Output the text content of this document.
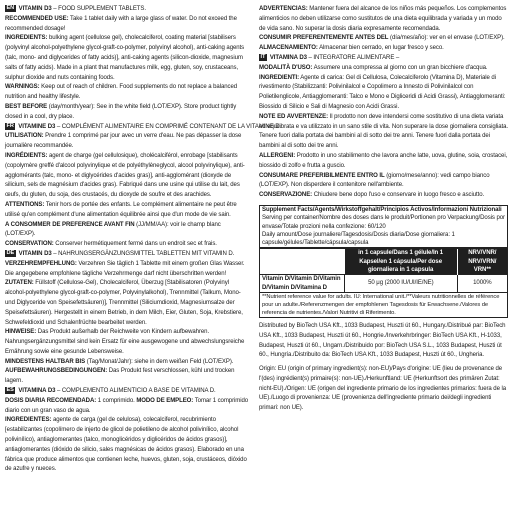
EN VITAMIN D3 – FOOD SUPPLEMENT TABLETS.

RECOMMENDED USE: Take 1 tablet daily with a large glass of water. Do not exceed the recommended dosage!

INGREDIENTS: bulking agent (cellulose gel), cholecalciferol, coating material [stabilisers (polyvinyl alcohol-polyethylene glycol-graft-co-polymer, polyvinyl alcohol), anti-caking agents (talc, mono- and diglycerides of fatty acids)], anti-caking agents (silicon-dioxide, magnesium salts of fatty acids). Made in a plant that manufactures milk, egg, gluten, soy, crustaceans, sulphur dioxide and nuts containing foods.

WARNINGS: Keep out of reach of children. Food supplements do not replace a balanced nutrition and healthy lifestyle.

BEST BEFORE (day/month/year): See in the white field (LOT/EXP). Store product tightly closed in a cool, dry place.

FR VITAMINE D3 – COMPLÉMENT ALIMENTAIRE EN COMPRIMÉ CONTENANT DE LA VITAMINE D.

UTILISATION: Prendre 1 comprimé par jour avec un verre d'eau. Ne pas dépasser la dose journalière recommandée.

INGRÉDIENTS: agent de charge (gel cellulosique), cholécalciférol, enrobage [stabilisants (copolymère greffé d'alcool polyvinylique et de polyéthylèneglycol, alcool polyvinylique), anti-agglomérants (talc, mono- et diglycérides d'acides gras)], anti-agglomérant (dioxyde de silicium, sels de magnésium d'acides gras). Fabriqué dans une usine qui utilise du lait, des œufs, du gluten, du soja, des crustacés, du dioxyde de soufre et des arachides.

ATTENTIONS: Tenir hors de portée des enfants. Le complément alimentaire ne peut être utilisé qu'en complément d'une alimentation équilibrée ainsi que d'un mode de vie sain.

A CONSOMMER DE PREFERENCE AVANT FIN (JJ/MM/AA): voir le champ blanc (LOT/EXP).

CONSERVATION: Conserver hermétiquement fermé dans un endroit sec et frais.

DE VITAMIN D3 – NAHRUNGSERGÄNZUNGSMITTEL TABLETTEN MIT VITAMIN D.

VERZEHREMPFEHLUNG: Verzehren Sie täglich 1 Tablette mit einem großen Glas Wasser. Die angegebene empfohlene tägliche Verzehrmenge darf nicht überschritten werden!

ZUTATEN: Füllstoff (Cellulose-Gel), Cholecalciferol, Überzug [Stabilisatoren (Polyvinyl alcohol-polyethylene glycol-graft-co-polymer, Polyvinylalkohol), Trennmittel (Talkum, Mono- und Diglyceride von Speisefettsäuren)], Trennmittel (Siliciumdioxid, Magnesiumsalze der Speisefettsäuren). Hergestellt in einem Betrieb, in dem Milch, Eier, Gluten, Soja, Krebstiere, Schwefeldioxid und Schalenfrüchte bearbeitet werden.

HINWEISE: Das Produkt außerhalb der Reichweite von Kindern aufbewahren. Nahrungsergänzungsmittel sind kein Ersatz für eine ausgewogene und abwechslungsreiche Ernährung sowie eine gesunde Lebensweise.

MINDESTENS HALTBAR BIS (Tag/Monat/Jahr): siehe in dem weißen Feld (LOT/EXP).

AUFBEWAHRUNGSBEDINGUNGEN: Das Produkt fest verschlossen, kühl und trocken lagern.

ES VITAMINA D3 – COMPLEMENTO ALIMENTICIO A BASE DE VITAMINA D.

DOSIS DIARIA RECOMENDADA: 1 comprimido. MODO DE EMPLEO: Tomar 1 comprimido diario con un gran vaso de agua.

INGREDIENTES: agente de carga (gel de celulosa), colecalciferol, recubrimiento [estabilizantes (copolímero de injerto de glicol de polietileno de alcohol polivinílico, alcohol polivinílico), antiaglomerantes (talco, monoglicéridos y diglicéridos de ácidos grasos)], antiaglomerantes (dióxido de silicio, sales magnésicas de ácidos grasos). Elaborado en una fábrica que produce alimentos que contienen leche, huevos, gluten, soja, crustáceos, dióxido de azufre y nueces.

ADVERTENCIAS: Mantener fuera del alcance de los niños más pequeños. Los complementos alimenticios no deben utilizarse como sustitutos de una dieta equilibrada y variada y un modo de vida sano. No superar la dosis diaria expresamente recomendada.

CONSUMIR PREFERENTEMENTE ANTES DEL (día/mes/año): ver en el envase (LOT/EXP).

ALMACENAMIENTO: Almacenar bien cerrado, en lugar fresco y seco.

IT VITAMINA D3 – INTEGRATORE ALIMENTARE –

MODALITÀ D'USO: Assumere una compressa al giorno con un gran bicchiere d'acqua.

INGREDIENTI: Agente di carica: Gel di Cellulosa, Colecalciferolo (Vitamina D), Materiale di rivestimento (Stabilizzanti: Polivinilalcol e Copolimero a Innesto di Polivinilalcol con Polietilenglicole, Antiagglomeranti: Talco e Mono e Digliceridi di Acidi Grassi), Antiagglomeranti: Biossido di Silicio e Sali di Magnesio con Acidi Grassi.

NOTE ED AVVERTENZE: Il prodotto non deve intendersi come sostitutivo di una dieta variata ed equilibrata e va utilizzato in un sano stile di vita. Non superare la dose giornaliera consigliata. Tenere fuori dalla portata dei bambini al di sotto dei tre anni. Tenere fuori dalla portata dei bambini al di sotto dei tre anni.

ALLERGENI: Prodotto in uno stabilimento che lavora anche latte, uova, glutine, soia, crostacei, biossido di zolfo e frutta a guscio.

CONSUMARE PREFERIBILMENTE ENTRO IL (giorno/mese/anno): vedi campo bianco (LOT/EXP). Non disperdere il contenitore nell'ambiente.

CONSERVAZIONE: Chiudere bene dopo l'uso e conservare in luogo fresco e asciutto.

Supplement Facts/Agents/Wirkstoffgehalt/Principios Activos/Informazioni Nutrizionali
Serving per container/Nombre des doses dans le produit/Portionen pro Verpackung/Dosis por envase/Totale prozioni nella confezione: 60/120
Daily amount/Dose journaliere/Tagesdosis/Dosis diaria/Dose giornaliera: 1 capsule/gélules/Tablette/cápsula/capsula
	in 1 capsule/Dans 1 gélule/In 1 Kapsel/en 1 cápsula/Per dose giornaliera in 1 capsula	NRV/VNR/ NRV/VRN/ VRN**
Vitamin D/Vitamin D/Vitamin D/Vitamin D/Vitamina D	50 μg (2000 IU/UI/IE/NE)	1000%
**Nutrient reference value for adults. IU: International unit./**Valeurs nutritionnelles de référence pour un adulte./Referenzmengen der empfohlenen Tagesdosis für Erwachsene./Valores de referencia de nutrientes./Valori Nutritivi di Riferimento.

Distributed by BioTech USA Kft., 1033 Budapest, Huszti út 60., Hungary./Distribué par: BioTech USA Kft., 1033 Budapest, Huszti út 60., Hongrie./Inverkehrbringer: BioTech USA Kft., H-1033, Budapest, Huszti út 60., Ungarn./Distribuido por: BioTech USA S.L., 1033 Budapest, Huszti út 60., Hungría./Distribuito da: BioTech USA Kft., 1033 Budapest, Huszti út 60., Ungheria.

Origin: EU (origin of primary ingredient(s): non-EU)/Pays d'origine: UE (lieu de provenance de l'(des) ingrédient(s) primaire(s): non-UE)./Herkunftland: UE (Herkunftsort des primären Zutat: nicht-EU)./Origen: UE (origen del ingrediente primario de los ingredientes primarios: fuera de la UE)./Luogo di provenienza: UE (provenienza dell'ingrediente primario dei/degli ingredienti primari: non UE).
